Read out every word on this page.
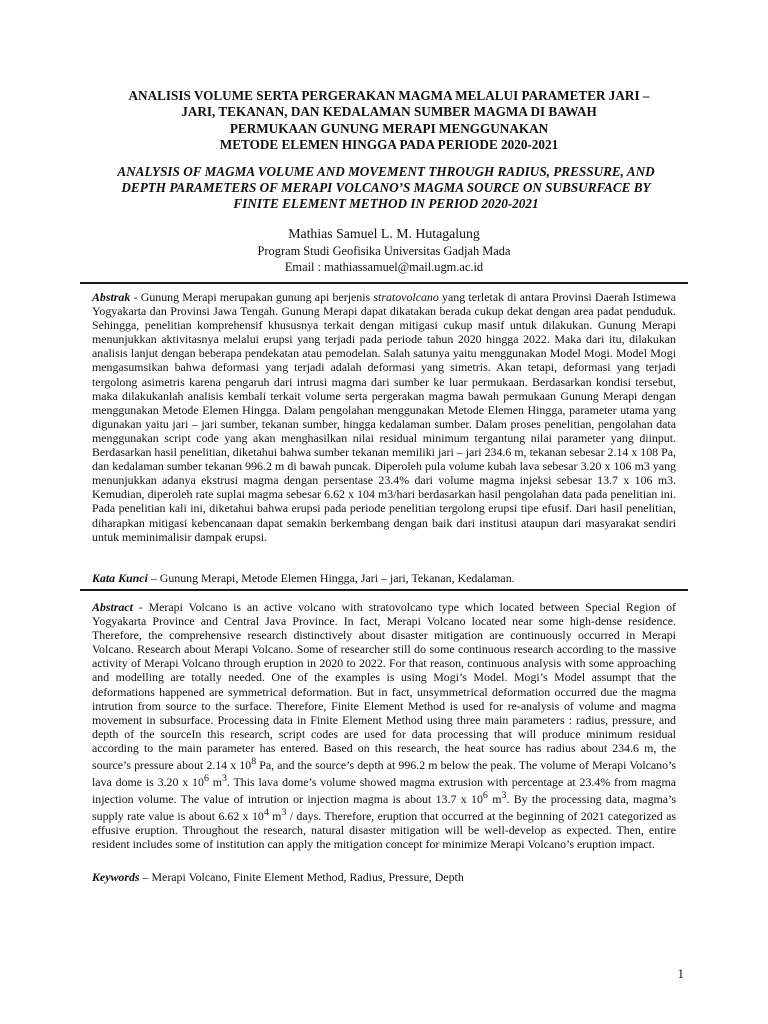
ANALISIS VOLUME SERTA PERGERAKAN MAGMA MELALUI PARAMETER JARI –
JARI, TEKANAN, DAN KEDALAMAN SUMBER MAGMA DI BAWAH
PERMUKAAN GUNUNG MERAPI MENGGUNAKAN
METODE ELEMEN HINGGA PADA PERIODE 2020-2021
ANALYSIS OF MAGMA VOLUME AND MOVEMENT THROUGH RADIUS, PRESSURE, AND
DEPTH PARAMETERS OF MERAPI VOLCANO’S MAGMA SOURCE ON SUBSURFACE BY
FINITE ELEMENT METHOD IN PERIOD 2020-2021
Mathias Samuel L. M. Hutagalung
Program Studi Geofisika Universitas Gadjah Mada
Email : mathiassamuel@mail.ugm.ac.id

Abstrak - Gunung Merapi merupakan gunung api berjenis stratovolcano yang terletak di antara Provinsi Daerah Istimewa Yogyakarta dan Provinsi Jawa Tengah. Gunung Merapi dapat dikatakan berada cukup dekat dengan area padat penduduk. Sehingga, penelitian komprehensif khususnya terkait dengan mitigasi cukup masif untuk dilakukan. Gunung Merapi menunjukkan aktivitasnya melalui erupsi yang terjadi pada periode tahun 2020 hingga 2022. Maka dari itu, dilakukan analisis lanjut dengan beberapa pendekatan atau pemodelan. Salah satunya yaitu menggunakan Model Mogi. Model Mogi mengasumsikan bahwa deformasi yang terjadi adalah deformasi yang simetris. Akan tetapi, deformasi yang terjadi tergolong asimetris karena pengaruh dari intrusi magma dari sumber ke luar permukaan. Berdasarkan kondisi tersebut, maka dilakukanlah analisis kembali terkait volume serta pergerakan magma bawah permukaan Gunung Merapi dengan menggunakan Metode Elemen Hingga. Dalam pengolahan menggunakan Metode Elemen Hingga, parameter utama yang digunakan yaitu jari – jari sumber, tekanan sumber, hingga kedalaman sumber. Dalam proses penelitian, pengolahan data menggunakan script code yang akan menghasilkan nilai residual minimum tergantung nilai parameter yang diinput. Berdasarkan hasil penelitian, diketahui bahwa sumber tekanan memiliki jari – jari 234.6 m, tekanan sebesar 2.14 x 108 Pa, dan kedalaman sumber tekanan 996.2 m di bawah puncak. Diperoleh pula volume kubah lava sebesar 3.20 x 106 m3 yang menunjukkan adanya ekstrusi magma dengan persentase 23.4% dari volume magma injeksi sebesar 13.7 x 106 m3. Kemudian, diperoleh rate suplai magma sebesar 6.62 x 104 m3/hari berdasarkan hasil pengolahan data pada penelitian ini. Pada penelitian kali ini, diketahui bahwa erupsi pada periode penelitian tergolong erupsi tipe efusif. Dari hasil penelitian, diharapkan mitigasi kebencanaan dapat semakin berkembang dengan baik dari institusi ataupun dari masyarakat sendiri untuk meminimalisir dampak erupsi.

Kata Kunci – Gunung Merapi, Metode Elemen Hingga, Jari – jari, Tekanan, Kedalaman.

Abstract - Merapi Volcano is an active volcano with stratovolcano type which located between Special Region of Yogyakarta Province and Central Java Province. In fact, Merapi Volcano located near some high-dense residence. Therefore, the comprehensive research distinctively about disaster mitigation are continuously occurred in Merapi Volcano. Research about Merapi Volcano. Some of researcher still do some continuous research according to the massive activity of Merapi Volcano through eruption in 2020 to 2022. For that reason, continuous analysis with some approaching and modelling are totally needed. One of the examples is using Mogi’s Model. Mogi’s Model assumpt that the deformations happened are symmetrical deformation. But in fact, unsymmetrical deformation occurred due the magma intrution from source to the surface. Therefore, Finite Element Method is used for re-analysis of volume and magma movement in subsurface. Processing data in Finite Element Method using three main parameters : radius, pressure, and depth of the sourceIn this research, script codes are used for data processing that will produce minimum residual according to the main parameter has entered. Based on this research, the heat source has radius about 234.6 m, the source’s pressure about 2.14 x $10^8$ Pa, and the source’s depth at 996.2 m below the peak. The volume of Merapi Volcano’s lava dome is 3.20 x $10^6$ $m^3$. This lava dome’s volume showed magma extrusion with percentage at 23.4% from magma injection volume. The value of intrution or injection magma is about 13.7 x $10^6$ $m^3$. By the processing data, magma’s supply rate value is about 6.62 x $10^4$ $m^3$ / days. Therefore, eruption that occurred at the beginning of 2021 categorized as effusive eruption. Throughout the research, natural disaster mitigation will be well-develop as expected. Then, entire resident includes some of institution can apply the mitigation concept for minimize Merapi Volcano’s eruption impact.

Keywords – Merapi Volcano, Finite Element Method, Radius, Pressure, Depth

1
